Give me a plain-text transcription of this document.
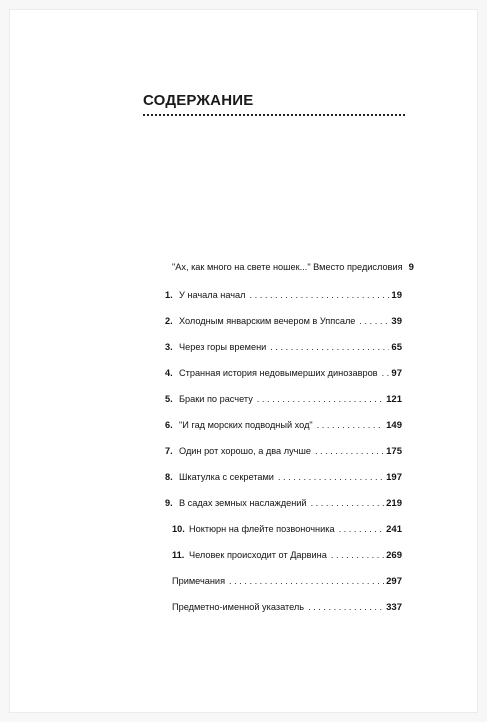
СОДЕРЖАНИЕ
"Ах, как много на свете ношек..." Вместо предисловия 9
1. У начала начал . . .	19
2. Холодным январским вечером в Уппсале . . .	39
3. Через горы времени . . .	65
4. Странная история недовымерших динозавров . . . 97
5. Браки по расчету . . .	121
6. "И гад морских подводный ход" . . .	149
7. Один рот хорошо, а два лучше . . .	175
8. Шкатулка с секретами . . .	197
9. В садах земных наслаждений . . .	219
10. Ноктюрн на флейте позвоночника . . .	241
11. Человек происходит от Дарвина . . .	269
Примечания . . .	297
Предметно-именной указатель . . .	337
